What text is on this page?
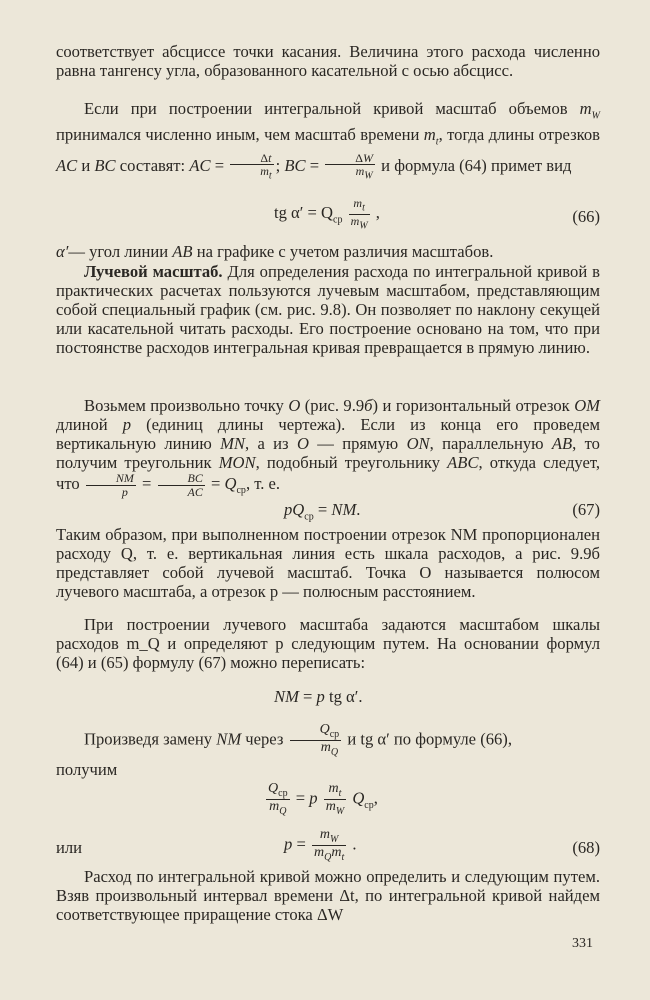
соответствует абсциссе точки касания. Величина этого расхода численно равна тангенсу угла, образованного касательной с осью абсцисс.

Если при построении интегральной кривой масштаб объемов $m_W$ принимался численно иным, чем масштаб времени $m_t$, тогда длины отрезков AC и BC составят: AC = $\frac{\Delta t}{m_t}$ ; BC = $\frac{\Delta W}{m_W}$ и формула (64) примет вид

tg $\alpha' = Q_{ср} \frac{m_t}{m_W}$ ,	(66)

α′— угол линии AB на графике с учетом различия масштабов.

Лучевой масштаб. Для определения расхода по интегральной кривой в практических расчетах пользуются лучевым масштабом, представляющим собой специальный график (см. рис. 9.8). Он позволяет по наклону секущей или касательной читать расходы. Его построение основано на том, что при постоянстве расходов интегральная кривая превращается в прямую линию.

Возьмем произвольно точку O (рис. 9.9б) и горизонтальный отрезок OM длиной p (единиц длины чертежа). Если из конца его проведем вертикальную линию MN, а из O — прямую ON, параллельную AB, то получим треугольник MON, подобный треугольнику ABC, откуда следует, что $\frac{NM}{p} = \frac{BC}{AC} = Q_{ср}$, т. е.

$pQ_{ср}$ = NM.	(67)

Таким образом, при выполненном построении отрезок NM пропорционален расходу Q, т. е. вертикальная линия есть шкала расходов, а рис. 9.9б представляет собой лучевой масштаб. Точка O называется полюсом лучевого масштаба, а отрезок p — полюсным расстоянием.

При построении лучевого масштаба задаются масштабом шкалы расходов m_Q и определяют p следующим путем. На основании формул (64) и (65) формулу (67) можно переписать:

NM = p tg α′.

Произведя замену NM через $\frac{Q_{ср}}{m_Q}$ и tg α′ по формуле (66),

получим

$\frac{Q_{ср}}{m_Q} = p \frac{m_t}{m_W} Q_{ср}$,
или	$p = \frac{m_W}{m_Qm_t}$ .	(68)

Расход по интегральной кривой можно определить и следующим путем. Взяв произвольный интервал времени Δt, по интегральной кривой найдем соответствующее приращение стока ΔW

331
